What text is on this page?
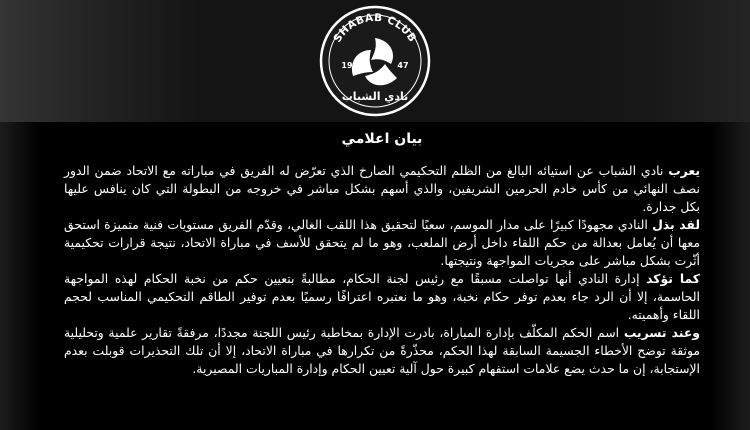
SHABAB CLUB
19	47
نادي الشباب
بيان اعلامي

يعرب نادي الشباب عن استيائه البالغ من الظلم التحكيمي الصارخ الذي تعرّض له الفريق في مباراته مع الاتحاد ضمن الدور نصف النهائي من كأس خادم الحرمين الشريفين، والذي أسهم بشكل مباشر في خروجه من البطولة التي كان ينافس عليها بكل جدارة.

لقد بذل النادي مجهودًا كبيرًا على مدار الموسم، سعيًا لتحقيق هذا اللقب الغالي، وقدّم الفريق مستويات فنية متميزة استحق معها أن يُعامل بعدالة من حكم اللقاء داخل أرض الملعب، وهو ما لم يتحقق للأسف في مباراة الاتحاد، نتيجة قرارات تحكيمية أثّرت بشكل مباشر على مجريات المواجهة ونتيجتها.

كما تؤكد إدارة النادي أنها تواصلت مسبقًا مع رئيس لجنة الحكام، مطالبةً بتعيين حكم من نخبة الحكام لهذه المواجهة الحاسمة، إلا أن الرد جاء بعدم توفر حكام نخبة، وهو ما نعتبره اعترافًا رسميًا بعدم توفير الطاقم التحكيمي المناسب لحجم اللقاء وأهميته.

وعند تسريب اسم الحكم المكلّف بإدارة المباراة، بادرت الإدارة بمخاطبة رئيس اللجنة مجددًا، مرفقةً تقارير علمية وتحليلية موثقة توضح الأخطاء الجسيمة السابقة لهذا الحكم، محذّرةً من تكرارها في مباراة الاتحاد، إلا أن تلك التحذيرات قوبلت بعدم الإستجابة، إن ما حدث يضع علامات استفهام كبيرة حول آلية تعيين الحكام وإدارة المباريات المصيرية.
